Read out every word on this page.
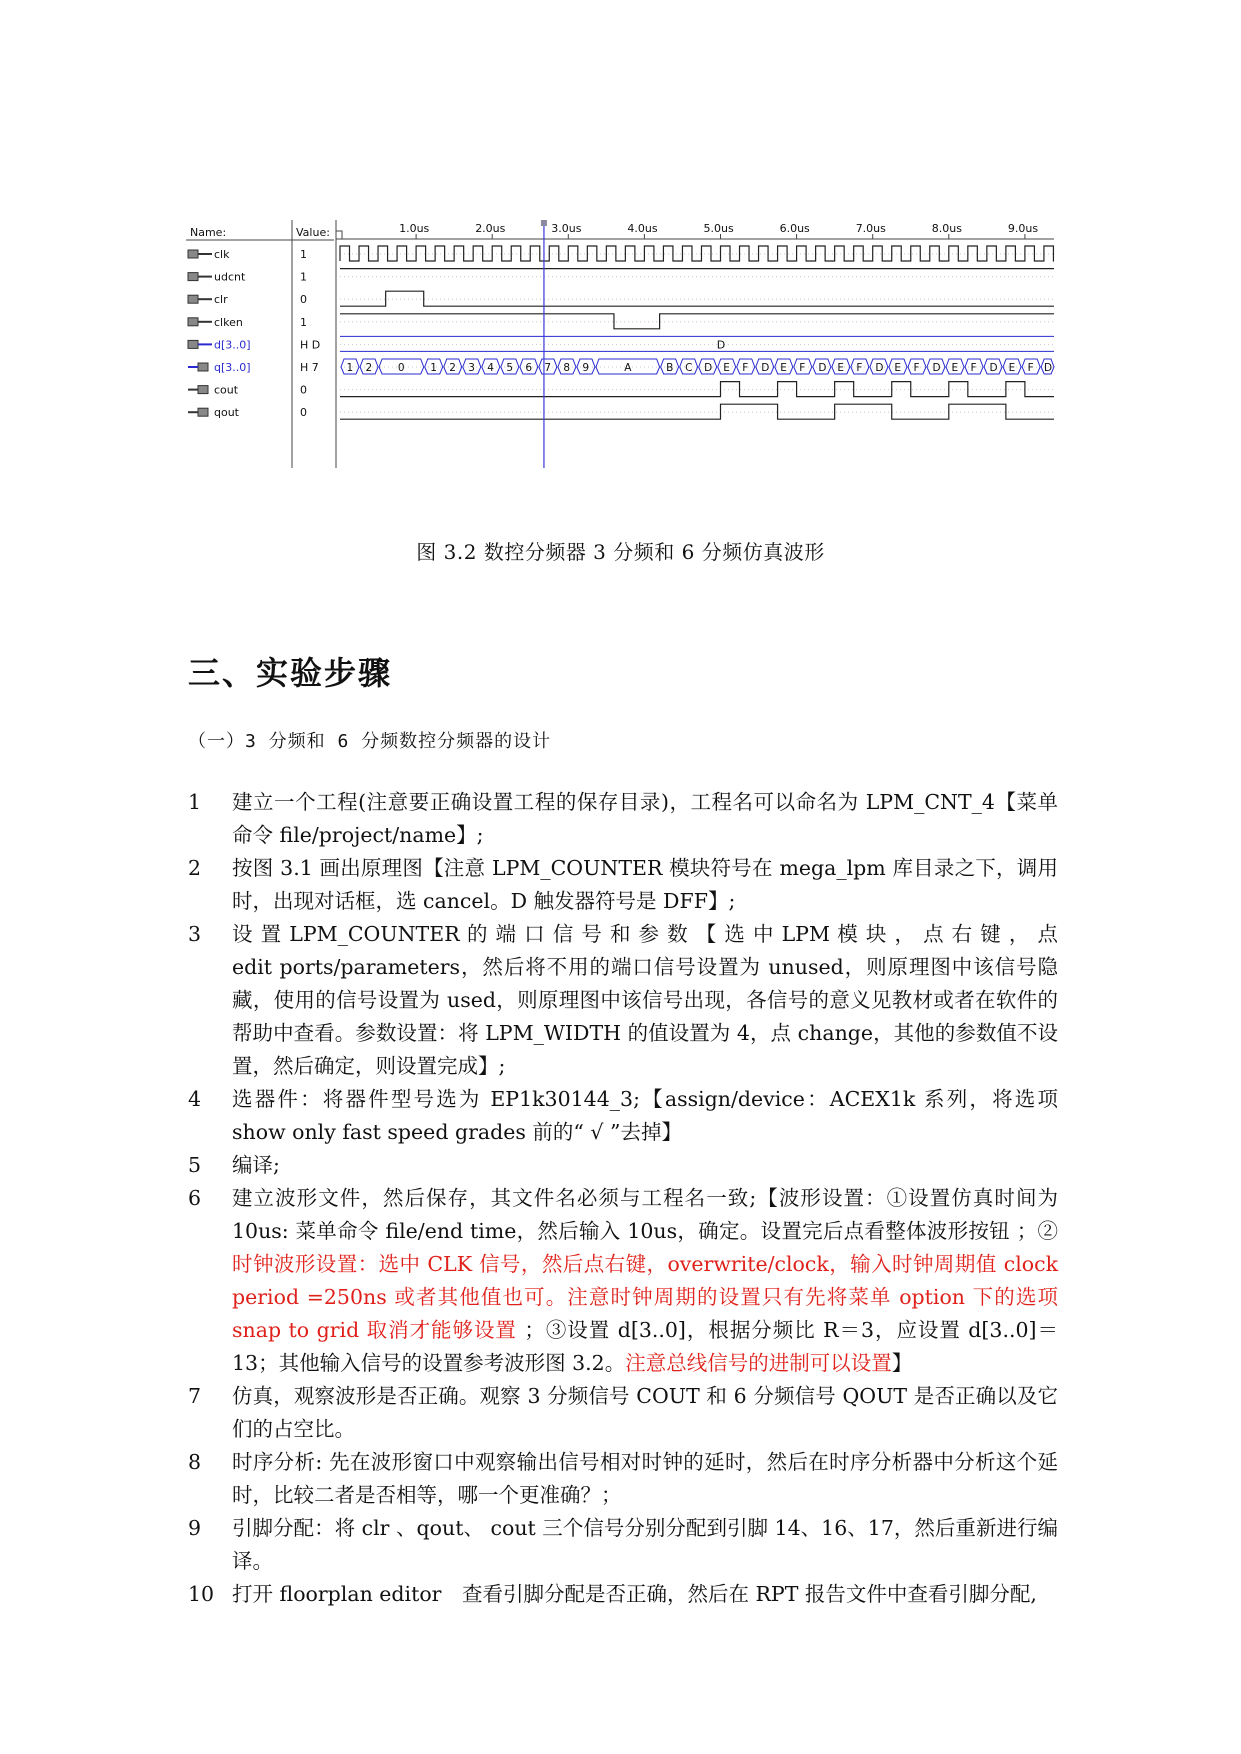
Name:	Value:	1.0us	2.0us	3.0us	4.0us	5.0us	6.0us	7.0us	8.0us	9.0us
clk	1
udcnt	1
clr	0
clken	1
d[3..0]	H D
q[3..0]	H 7
cout	0
qout	0
D
1 2 0 1 2 3 4 5 6 7 8 9	A	B C D E F D E F D E F D E F D E F D E F D
图 3.2 数控分频器 3 分频和 6 分频仿真波形
三、实验步骤
（一）3 分频和 6 分频数控分频器的设计
1	建立一个工程(注意要正确设置工程的保存目录)，工程名可以命名为 LPM_CNT_4【菜单命令 file/project/name】;
2	按图 3.1 画出原理图【注意 LPM_COUNTER 模块符号在 mega_lpm 库目录之下，调用时，出现对话框，选 cancel。D 触发器符号是 DFF】;
3	设 置 LPM_COUNTER 的 端 口 信 号 和 参 数 【 选 中 LPM 模 块 ， 点 右 键 ， 点 edit ports/parameters，然后将不用的端口信号设置为 unused，则原理图中该信号隐藏，使用的信号设置为 used，则原理图中该信号出现，各信号的意义见教材或者在软件的帮助中查看。参数设置：将 LPM_WIDTH 的值设置为 4，点 change，其他的参数值不设置，然后确定，则设置完成】;
4	选器件：将器件型号选为 EP1k30144_3;【assign/device：ACEX1k 系列，将选项 show only fast speed grades 前的“ √ ”去掉】
5	编译;
6	建立波形文件，然后保存，其文件名必须与工程名一致;【波形设置：①设置仿真时间为 10us: 菜单命令 file/end time，然后输入 10us，确定。设置完后点看整体波形按钮 ；②时钟波形设置：选中 CLK 信号，然后点右键，overwrite/clock，输入时钟周期值 clock period =250ns 或者其他值也可。注意时钟周期的设置只有先将菜单 option 下的选项 snap to grid 取消才能够设置 ；③设置 d[3..0]，根据分频比 R＝3，应设置 d[3..0]＝13；其他输入信号的设置参考波形图 3.2。注意总线信号的进制可以设置】
7	仿真，观察波形是否正确。观察 3 分频信号 COUT 和 6 分频信号 QOUT 是否正确以及它们的占空比。
8	时序分析: 先在波形窗口中观察输出信号相对时钟的延时，然后在时序分析器中分析这个延时，比较二者是否相等，哪一个更准确？；
9	引脚分配：将 clr 、qout、 cout 三个信号分别分配到引脚 14、16、17，然后重新进行编译。
10 打开 floorplan editor　查看引脚分配是否正确，然后在 RPT 报告文件中查看引脚分配,
